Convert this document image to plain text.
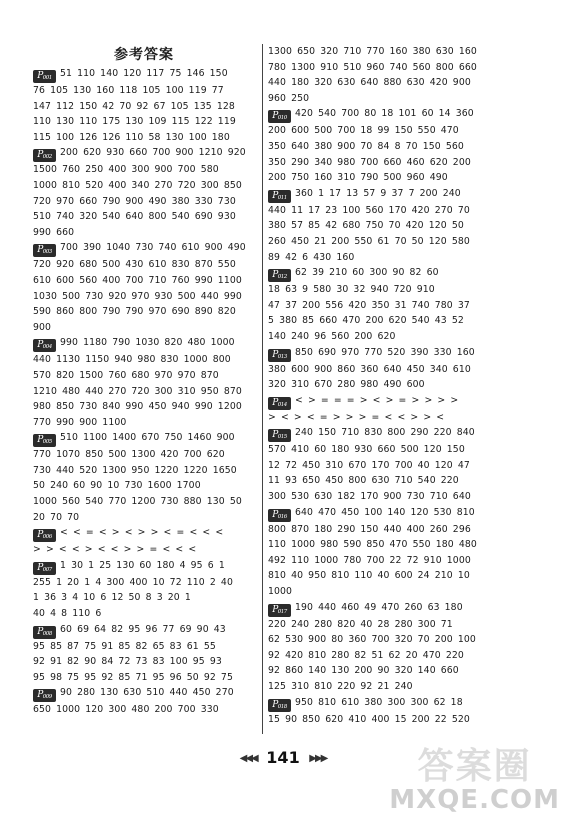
参考答案
$P_{001}$ 51 110 140 120 117 75 146 150
76 105 130 160 118 105 100 119 77
147 112 150 42 70 92 67 105 135 128
110 130 110 175 130 109 115 122 119
115 100 126 126 110 58 130 100 180
$P_{002}$ 200 620 930 660 700 900 1210 920
1500 760 250 400 300 900 700 580
1000 810 520 400 340 270 720 300 850
720 970 660 790 900 490 380 330 730
510 740 320 540 640 800 540 690 930
990 660
$P_{003}$ 700 390 1040 730 740 610 900 490
720 920 680 500 430 610 830 870 550
610 600 560 400 700 710 760 990 1100
1030 500 730 920 970 930 500 440 990
590 860 800 790 790 970 690 890 820
900
$P_{004}$ 990 1180 790 1030 820 480 1000
440 1130 1150 940 980 830 1000 800
570 820 1500 760 680 970 970 870
1210 480 440 270 720 300 310 950 870
980 850 730 840 990 450 940 990 1200
770 990 900 1100
$P_{005}$ 510 1100 1400 670 750 1460 900
770 1070 850 500 1300 420 700 620
730 440 520 1300 950 1220 1220 1650
50 240 60 90 10 730 1600 1700
1000 560 540 770 1200 730 880 130 50
20 70 70
$P_{006}$ < < = < > < > > < = < < <
> > < < > < < > > = < < <
$P_{007}$ 1 30 1 25 130 60 180 4 95 6 1
255 1 20 1 4 300 400 10 72 110 2 40
1 36 3 4 10 6 12 50 8 3 20 1
40 4 8 110 6
$P_{008}$ 60 69 64 82 95 96 77 69 90 43
95 85 87 75 91 85 82 65 83 61 55
92 91 82 90 84 72 73 83 100 95 93
95 98 75 95 92 85 71 95 96 50 92 75
$P_{009}$ 90 280 130 630 510 440 450 270
650 1000 120 300 480 200 700 330
1300 650 320 710 770 160 380 630 160
780 1300 910 510 960 740 560 800 660
440 180 320 630 640 880 630 420 900
960 250
$P_{010}$ 420 540 700 80 18 101 60 14 360
200 600 500 700 18 99 150 550 470
350 640 380 900 70 84 8 70 150 560
350 290 340 980 700 660 460 620 200
200 750 160 310 790 500 960 490
$P_{011}$ 360 1 17 13 57 9 37 7 200 240
440 11 17 23 100 560 170 420 270 70
380 57 85 42 680 750 70 420 120 50
260 450 21 200 550 61 70 50 120 580
89 42 6 430 160
$P_{012}$ 62 39 210 60 300 90 82 60
18 63 9 580 30 32 940 720 910
47 37 200 556 420 350 31 740 780 37
5 380 85 660 470 200 620 540 43 52
140 240 96 560 200 620
$P_{013}$ 850 690 970 770 520 390 330 160
380 600 900 860 360 640 450 340 610
320 310 670 280 980 490 600
$P_{014}$ < > = = = > < > = > > > >
> < > < = > > > = < < > > <
$P_{015}$ 240 150 710 830 800 290 220 840
570 410 60 180 930 660 500 120 150
12 72 450 310 670 170 700 40 120 47
11 93 650 450 800 630 710 540 220
300 530 630 182 170 900 730 710 640
$P_{016}$ 640 470 450 100 140 120 530 810
800 870 180 290 150 440 400 260 296
110 1000 980 590 850 470 550 180 480
492 110 1000 780 700 22 72 910 1000
810 40 950 810 110 40 600 24 210 10
1000
$P_{017}$ 190 440 460 49 470 260 63 180
220 240 280 820 40 28 280 300 71
62 530 900 80 360 700 320 70 200 100
92 420 810 280 82 51 62 20 470 220
92 860 140 130 200 90 320 140 660
125 310 810 220 92 21 240
$P_{018}$ 950 810 610 380 300 300 62 18
15 90 850 620 410 400 15 200 22 520
◀◀◀ 141 ▶▶▶	答案圈
MXQE.COM
